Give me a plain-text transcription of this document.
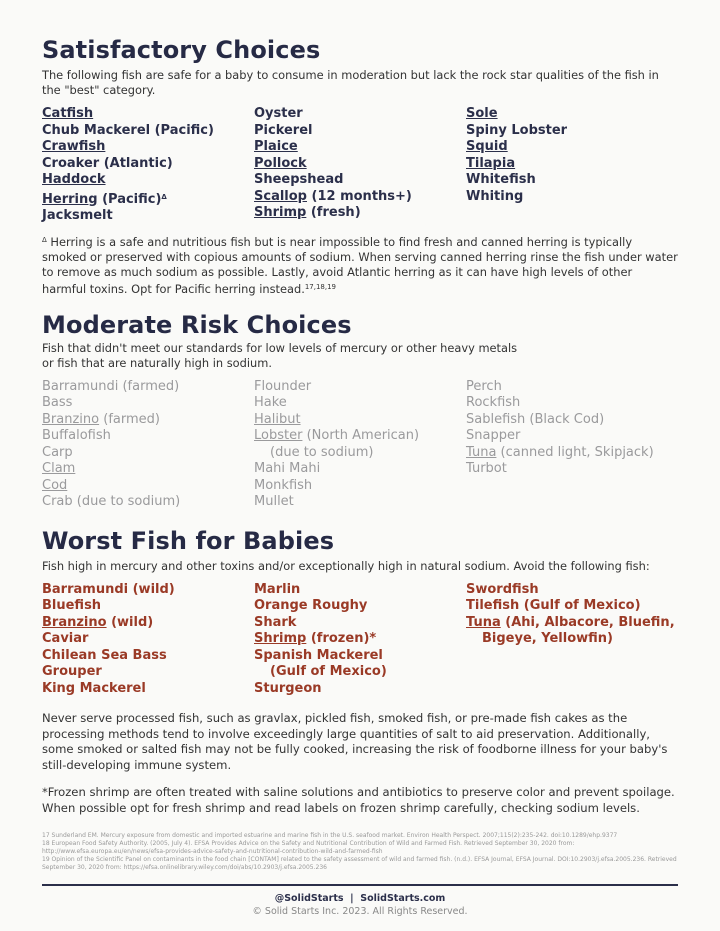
Satisfactory Choices

The following fish are safe for a baby to consume in moderation but lack the rock star qualities of the fish in the "best" category.

Catfish
Chub Mackerel (Pacific)
Crawfish
Croaker (Atlantic)
Haddock
Herring (Pacific)$^\Delta$
Jacksmelt
Oyster
Pickerel
Plaice
Pollock
Sheepshead
Scallop (12 months+)
Shrimp (fresh)
Sole
Spiny Lobster
Squid
Tilapia
Whitefish
Whiting

$^\Delta$ Herring is a safe and nutritious fish but is near impossible to find fresh and canned herring is typically smoked or preserved with copious amounts of sodium. When serving canned herring rinse the fish under water to remove as much sodium as possible. Lastly, avoid Atlantic herring as it can have high levels of other harmful toxins. Opt for Pacific herring instead.$^{17,18,19}$

Moderate Risk Choices

Fish that didn't meet our standards for low levels of mercury or other heavy metals
or fish that are naturally high in sodium.

Barramundi (farmed)
Bass
Branzino (farmed)
Buffalofish
Carp
Clam
Cod
Crab (due to sodium)
Flounder
Hake
Halibut
Lobster (North American)
(due to sodium)
Mahi Mahi
Monkfish
Mullet
Perch
Rockfish
Sablefish (Black Cod)
Snapper
Tuna (canned light, Skipjack)
Turbot
Worst Fish for Babies

Fish high in mercury and other toxins and/or exceptionally high in natural sodium. Avoid the following fish:

Barramundi (wild)
Bluefish
Branzino (wild)
Caviar
Chilean Sea Bass
Grouper
King Mackerel
Marlin
Orange Roughy
Shark
Shrimp (frozen)*
Spanish Mackerel
(Gulf of Mexico)
Sturgeon
Swordfish
Tilefish (Gulf of Mexico)
Tuna (Ahi, Albacore, Bluefin,
Bigeye, Yellowfin)

Never serve processed fish, such as gravlax, pickled fish, smoked fish, or pre-made fish cakes as the processing methods tend to involve exceedingly large quantities of salt to aid preservation. Additionally, some smoked or salted fish may not be fully cooked, increasing the risk of foodborne illness for your baby's still-developing immune system.

*Frozen shrimp are often treated with saline solutions and antibiotics to preserve color and prevent spoilage. When possible opt for fresh shrimp and read labels on frozen shrimp carefully, checking sodium levels.

17 Sunderland EM. Mercury exposure from domestic and imported estuarine and marine fish in the U.S. seafood market. Environ Health Perspect. 2007;115(2):235-242. doi:10.1289/ehp.9377

18 European Food Safety Authority. (2005, July 4). EFSA Provides Advice on the Safety and Nutritional Contribution of Wild and Farmed Fish. Retrieved September 30, 2020 from: http://www.efsa.europa.eu/en/news/efsa-provides-advice-safety-and-nutritional-contribution-wild-and-farmed-fish

19 Opinion of the Scientific Panel on contaminants in the food chain [CONTAM] related to the safety assessment of wild and farmed fish. (n.d.). EFSA Journal, EFSA Journal. DOI:10.2903/j.efsa.2005.236. Retrieved September 30, 2020 from: https://efsa.onlinelibrary.wiley.com/doi/abs/10.2903/j.efsa.2005.236

@SolidStarts | SolidStarts.com
© Solid Starts Inc. 2023. All Rights Reserved.
